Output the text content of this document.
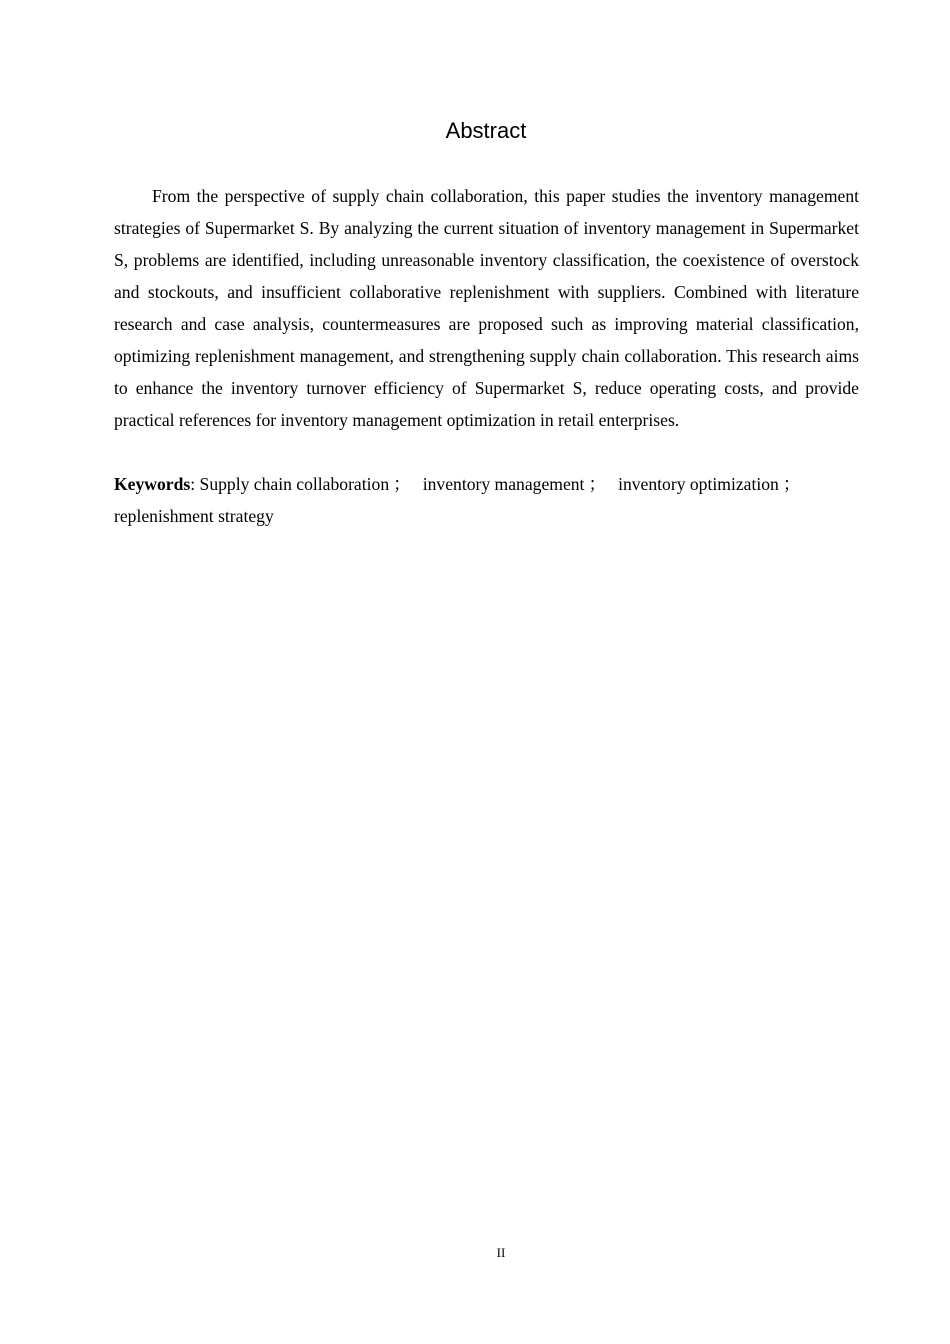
Abstract

From the perspective of supply chain collaboration, this paper studies the inventory management strategies of Supermarket S. By analyzing the current situation of inventory management in Supermarket S, problems are identified, including unreasonable inventory classification, the coexistence of overstock and stockouts, and insufficient collaborative replenishment with suppliers. Combined with literature research and case analysis, countermeasures are proposed such as improving material classification, optimizing replenishment management, and strengthening supply chain collaboration. This research aims to enhance the inventory turnover efficiency of Supermarket S, reduce operating costs, and provide practical references for inventory management optimization in retail enterprises.

Keywords: Supply chain collaboration ； inventory management ； inventory optimization ；replenishment strategy

II
